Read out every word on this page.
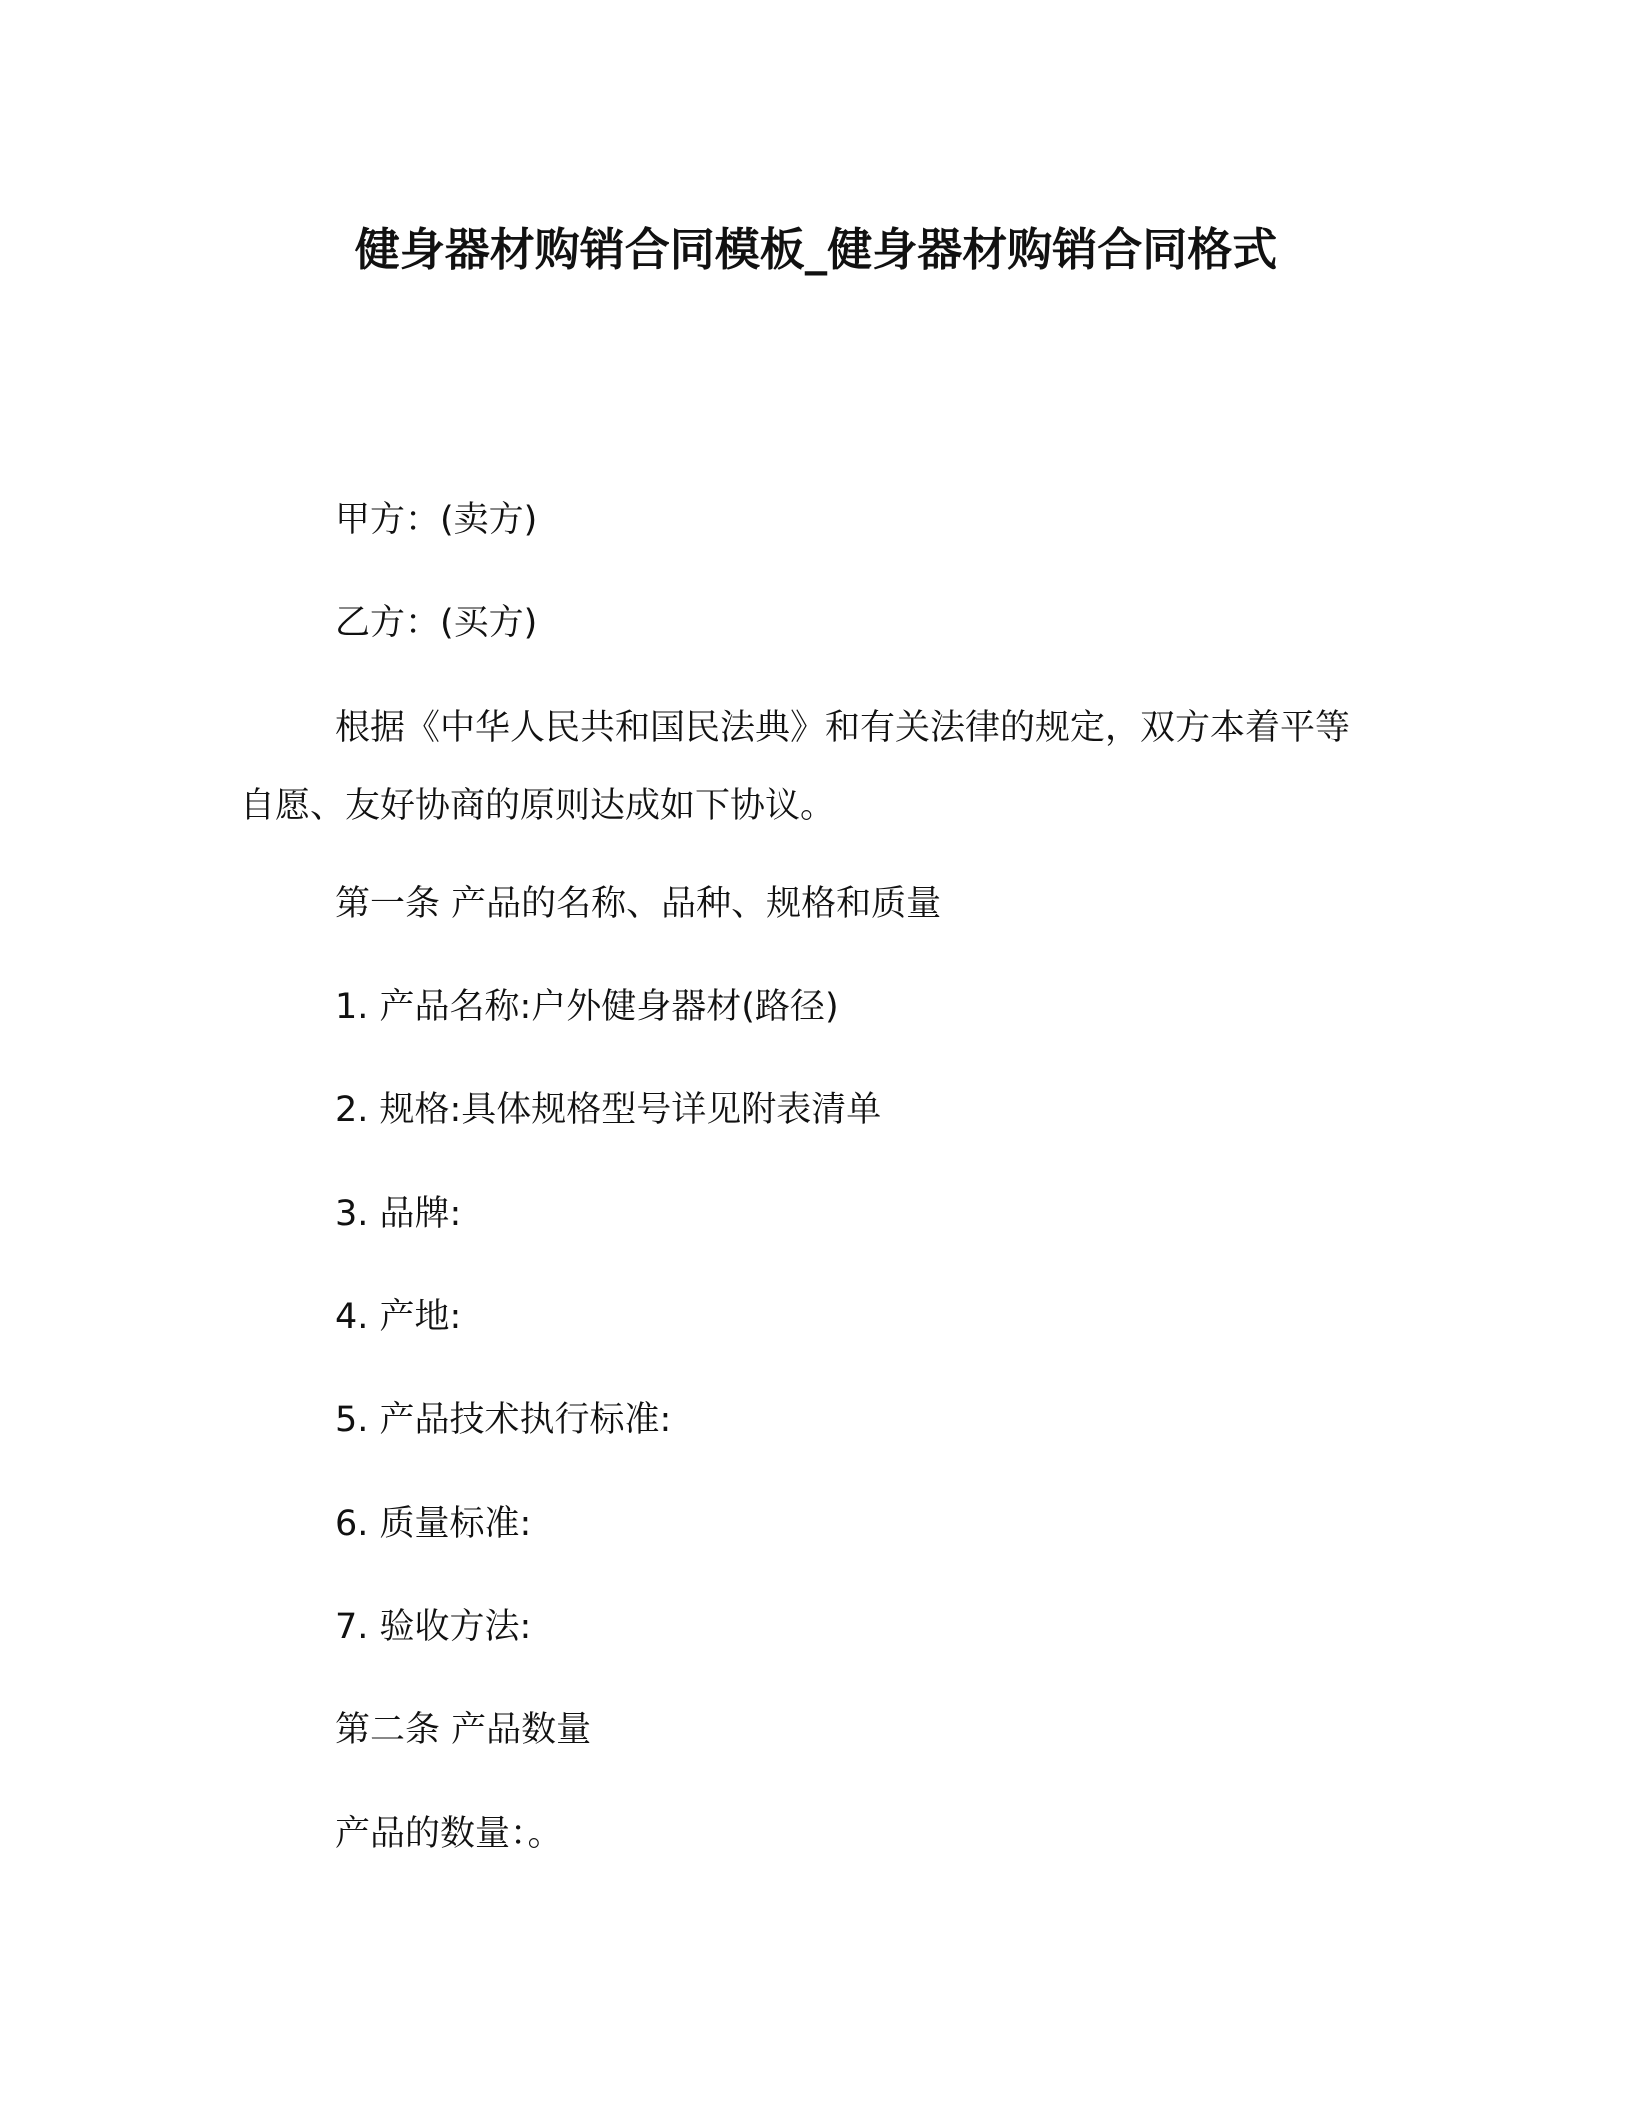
健身器材购销合同模板_健身器材购销合同格式
甲方：(卖方)
乙方：(买方)
根据《中华人民共和国民法典》和有关法律的规定，双方本着平等自愿、友好协商的原则达成如下协议。
第一条 产品的名称、品种、规格和质量
1. 产品名称:户外健身器材(路径)
2. 规格:具体规格型号详见附表清单
3. 品牌:
4. 产地:
5. 产品技术执行标准:
6. 质量标准:
7. 验收方法:
第二条 产品数量
产品的数量：。
